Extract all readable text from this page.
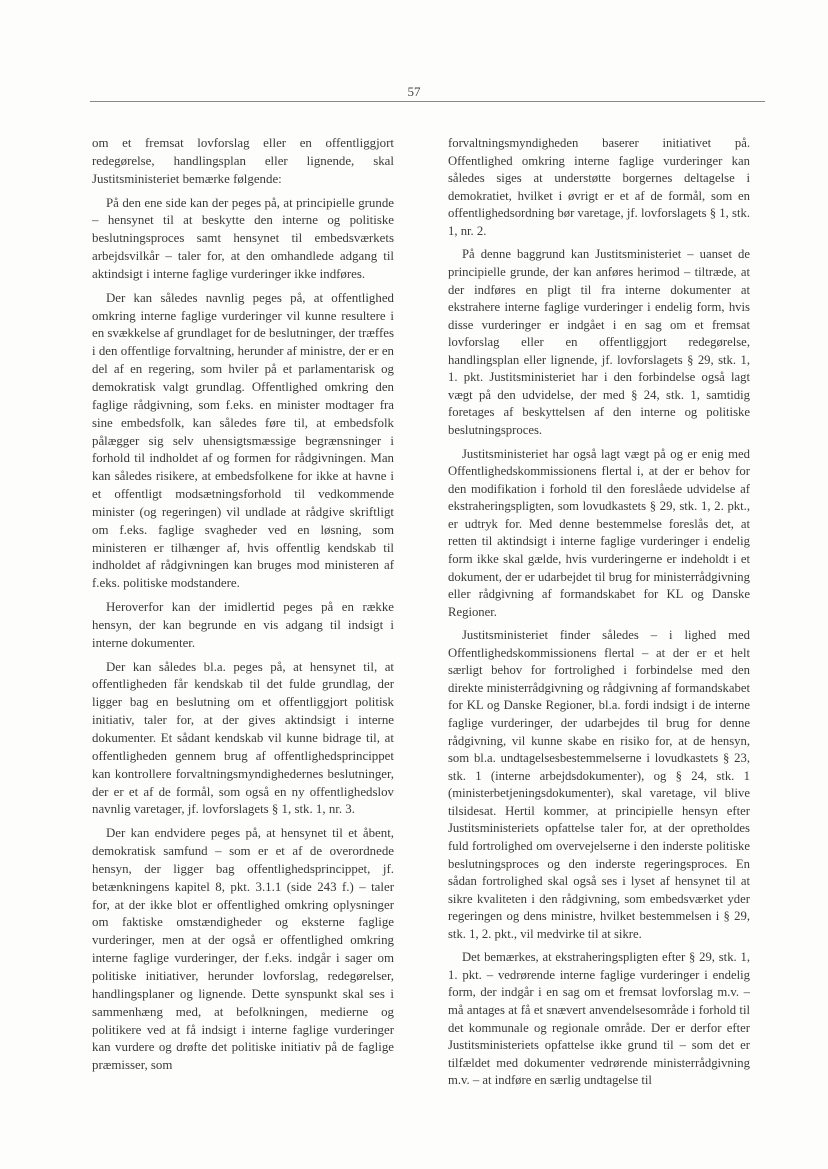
57

om et fremsat lovforslag eller en offentliggjort redegørelse, handlingsplan eller lignende, skal Justitsministeriet bemærke følgende:

På den ene side kan der peges på, at principielle grunde – hensynet til at beskytte den interne og politiske beslutningsproces samt hensynet til embedsværkets arbejdsvilkår – taler for, at den omhandlede adgang til aktindsigt i interne faglige vurderinger ikke indføres.

Der kan således navnlig peges på, at offentlighed omkring interne faglige vurderinger vil kunne resultere i en svækkelse af grundlaget for de beslutninger, der træffes i den offentlige forvaltning, herunder af ministre, der er en del af en regering, som hviler på et parlamentarisk og demokratisk valgt grundlag. Offentlighed omkring den faglige rådgivning, som f.eks. en minister modtager fra sine embedsfolk, kan således føre til, at embedsfolk pålægger sig selv uhensigtsmæssige begrænsninger i forhold til indholdet af og formen for rådgivningen. Man kan således risikere, at embedsfolkene for ikke at havne i et offentligt modsætningsforhold til vedkommende minister (og regeringen) vil undlade at rådgive skriftligt om f.eks. faglige svagheder ved en løsning, som ministeren er tilhænger af, hvis offentlig kendskab til indholdet af rådgivningen kan bruges mod ministeren af f.eks. politiske modstandere.

Heroverfor kan der imidlertid peges på en række hensyn, der kan begrunde en vis adgang til indsigt i interne dokumenter.

Der kan således bl.a. peges på, at hensynet til, at offentligheden får kendskab til det fulde grundlag, der ligger bag en beslutning om et offentliggjort politisk initiativ, taler for, at der gives aktindsigt i interne dokumenter. Et sådant kendskab vil kunne bidrage til, at offentligheden gennem brug af offentlighedsprincippet kan kontrollere forvaltningsmyndighedernes beslutninger, der er et af de formål, som også en ny offentlighedslov navnlig varetager, jf. lovforslagets § 1, stk. 1, nr. 3.

Der kan endvidere peges på, at hensynet til et åbent, demokratisk samfund – som er et af de overordnede hensyn, der ligger bag offentlighedsprincippet, jf. betænkningens kapitel 8, pkt. 3.1.1 (side 243 f.) – taler for, at der ikke blot er offentlighed omkring oplysninger om faktiske omstændigheder og eksterne faglige vurderinger, men at der også er offentlighed omkring interne faglige vurderinger, der f.eks. indgår i sager om politiske initiativer, herunder lovforslag, redegørelser, handlingsplaner og lignende. Dette synspunkt skal ses i sammenhæng med, at befolkningen, medierne og politikere ved at få indsigt i interne faglige vurderinger kan vurdere og drøfte det politiske initiativ på de faglige præmisser, som

forvaltningsmyndigheden baserer initiativet på. Offentlighed omkring interne faglige vurderinger kan således siges at understøtte borgernes deltagelse i demokratiet, hvilket i øvrigt er et af de formål, som en offentlighedsordning bør varetage, jf. lovforslagets § 1, stk. 1, nr. 2.

På denne baggrund kan Justitsministeriet – uanset de principielle grunde, der kan anføres herimod – tiltræde, at der indføres en pligt til fra interne dokumenter at ekstrahere interne faglige vurderinger i endelig form, hvis disse vurderinger er indgået i en sag om et fremsat lovforslag eller en offentliggjort redegørelse, handlingsplan eller lignende, jf. lovforslagets § 29, stk. 1, 1. pkt. Justitsministeriet har i den forbindelse også lagt vægt på den udvidelse, der med § 24, stk. 1, samtidig foretages af beskyttelsen af den interne og politiske beslutningsproces.

Justitsministeriet har også lagt vægt på og er enig med Offentlighedskommissionens flertal i, at der er behov for den modifikation i forhold til den foreslåede udvidelse af ekstraheringspligten, som lovudkastets § 29, stk. 1, 2. pkt., er udtryk for. Med denne bestemmelse foreslås det, at retten til aktindsigt i interne faglige vurderinger i endelig form ikke skal gælde, hvis vurderingerne er indeholdt i et dokument, der er udarbejdet til brug for ministerrådgivning eller rådgivning af formandskabet for KL og Danske Regioner.

Justitsministeriet finder således – i lighed med Offentlighedskommissionens flertal – at der er et helt særligt behov for fortrolighed i forbindelse med den direkte ministerrådgivning og rådgivning af formandskabet for KL og Danske Regioner, bl.a. fordi indsigt i de interne faglige vurderinger, der udarbejdes til brug for denne rådgivning, vil kunne skabe en risiko for, at de hensyn, som bl.a. undtagelsesbestemmelserne i lovudkastets § 23, stk. 1 (interne arbejdsdokumenter), og § 24, stk. 1 (ministerbetjeningsdokumenter), skal varetage, vil blive tilsidesat. Hertil kommer, at principielle hensyn efter Justitsministeriets opfattelse taler for, at der opretholdes fuld fortrolighed om overvejelserne i den inderste politiske beslutningsproces og den inderste regeringsproces. En sådan fortrolighed skal også ses i lyset af hensynet til at sikre kvaliteten i den rådgivning, som embedsværket yder regeringen og dens ministre, hvilket bestemmelsen i § 29, stk. 1, 2. pkt., vil medvirke til at sikre.

Det bemærkes, at ekstraheringspligten efter § 29, stk. 1, 1. pkt. – vedrørende interne faglige vurderinger i endelig form, der indgår i en sag om et fremsat lovforslag m.v. – må antages at få et snævert anvendelsesområde i forhold til det kommunale og regionale område. Der er derfor efter Justitsministeriets opfattelse ikke grund til – som det er tilfældet med dokumenter vedrørende ministerrådgivning m.v. – at indføre en særlig undtagelse til
